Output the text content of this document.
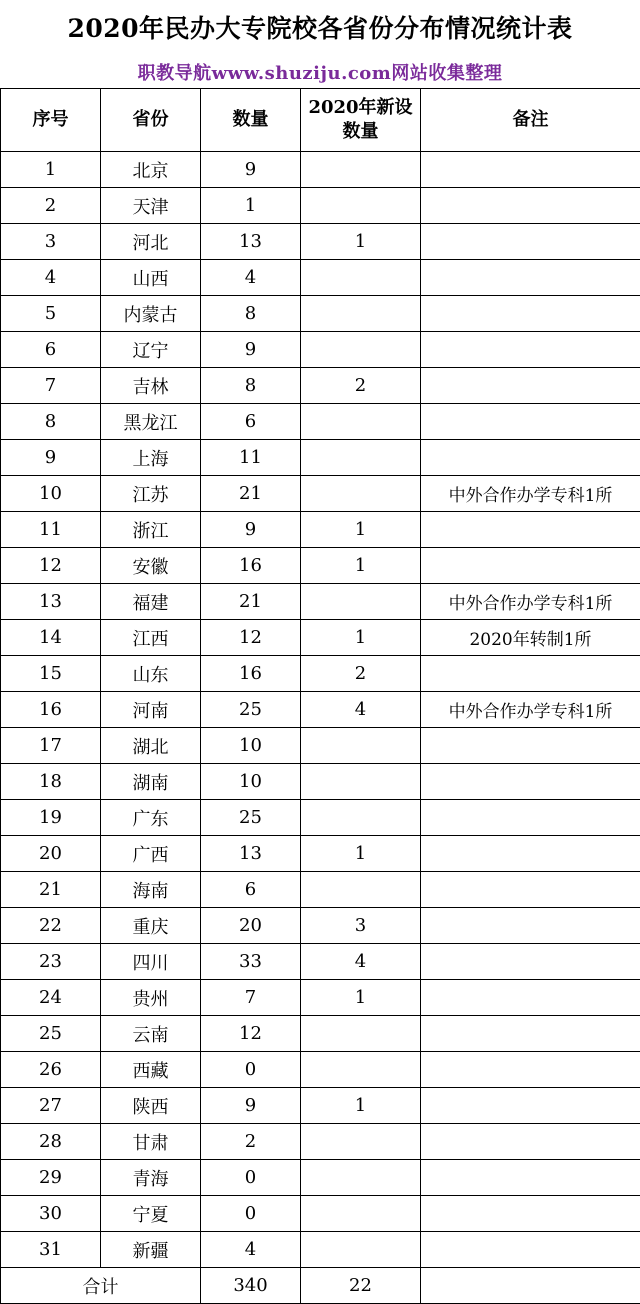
2020年民办大专院校各省份分布情况统计表
职教导航www.shuziju.com网站收集整理
序号	省份	数量	2020年新设数量	备注
1	北京	9		
2	天津	1		
3	河北	13	1	
4	山西	4		
5	内蒙古	8		
6	辽宁	9		
7	吉林	8	2	
8	黑龙江	6		
9	上海	11		
10	江苏	21		中外合作办学专科1所
11	浙江	9	1	
12	安徽	16	1	
13	福建	21		中外合作办学专科1所
14	江西	12	1	2020年转制1所
15	山东	16	2	
16	河南	25	4	中外合作办学专科1所
17	湖北	10		
18	湖南	10		
19	广东	25		
20	广西	13	1	
21	海南	6		
22	重庆	20	3	
23	四川	33	4	
24	贵州	7	1	
25	云南	12		
26	西藏	0		
27	陕西	9	1	
28	甘肃	2		
29	青海	0		
30	宁夏	0		
31	新疆	4		
合计		340	22	
